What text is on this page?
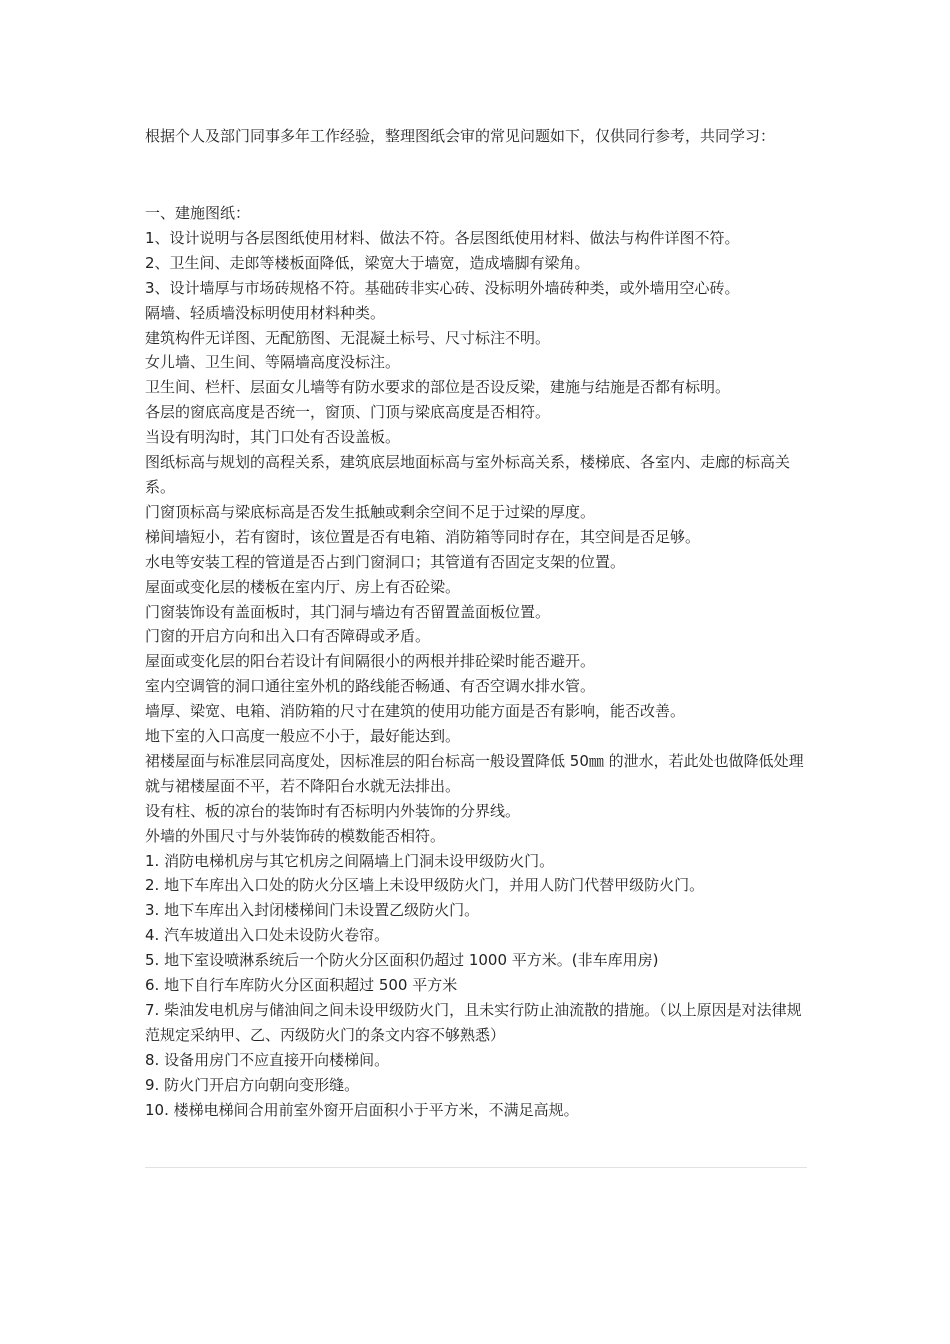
根据个人及部门同事多年工作经验，整理图纸会审的常见问题如下，仅供同行参考，共同学习：

一、建施图纸：

1、设计说明与各层图纸使用材料、做法不符。各层图纸使用材料、做法与构件详图不符。

2、卫生间、走郎等楼板面降低，梁宽大于墙宽，造成墙脚有梁角。

3、设计墙厚与市场砖规格不符。基础砖非实心砖、没标明外墙砖种类，或外墙用空心砖。

隔墙、轻质墙没标明使用材料种类。

建筑构件无详图、无配筋图、无混凝土标号、尺寸标注不明。

女儿墙、卫生间、等隔墙高度没标注。

卫生间、栏杆、层面女儿墙等有防水要求的部位是否设反梁，建施与结施是否都有标明。

各层的窗底高度是否统一，窗顶、门顶与梁底高度是否相符。

当设有明沟时，其门口处有否设盖板。

图纸标高与规划的高程关系，建筑底层地面标高与室外标高关系，楼梯底、各室内、走廊的标高关系。

门窗顶标高与梁底标高是否发生抵触或剩余空间不足于过梁的厚度。

梯间墙短小，若有窗时，该位置是否有电箱、消防箱等同时存在，其空间是否足够。

水电等安装工程的管道是否占到门窗洞口；其管道有否固定支架的位置。

屋面或变化层的楼板在室内厅、房上有否砼梁。

门窗装饰设有盖面板时，其门洞与墙边有否留置盖面板位置。

门窗的开启方向和出入口有否障碍或矛盾。

屋面或变化层的阳台若设计有间隔很小的两根并排砼梁时能否避开。

室内空调管的洞口通往室外机的路线能否畅通、有否空调水排水管。

墙厚、梁宽、电箱、消防箱的尺寸在建筑的使用功能方面是否有影响，能否改善。

地下室的入口高度一般应不小于，最好能达到。

裙楼屋面与标准层同高度处，因标准层的阳台标高一般设置降低 50㎜ 的泄水，若此处也做降低处理就与裙楼屋面不平，若不降阳台水就无法排出。

设有柱、板的凉台的装饰时有否标明内外装饰的分界线。

外墙的外围尺寸与外装饰砖的模数能否相符。

1. 消防电梯机房与其它机房之间隔墙上门洞未设甲级防火门。

2. 地下车库出入口处的防火分区墙上未设甲级防火门，并用人防门代替甲级防火门。

3. 地下车库出入封闭楼梯间门未设置乙级防火门。

4. 汽车坡道出入口处未设防火卷帘。

5. 地下室设喷淋系统后一个防火分区面积仍超过 1000 平方米。(非车库用房)

6. 地下自行车库防火分区面积超过 500 平方米

7. 柴油发电机房与储油间之间未设甲级防火门，且未实行防止油流散的措施。（以上原因是对法律规范规定采纳甲、乙、丙级防火门的条文内容不够熟悉）

8. 设备用房门不应直接开向楼梯间。

9. 防火门开启方向朝向变形缝。

10. 楼梯电梯间合用前室外窗开启面积小于平方米，不满足高规。
